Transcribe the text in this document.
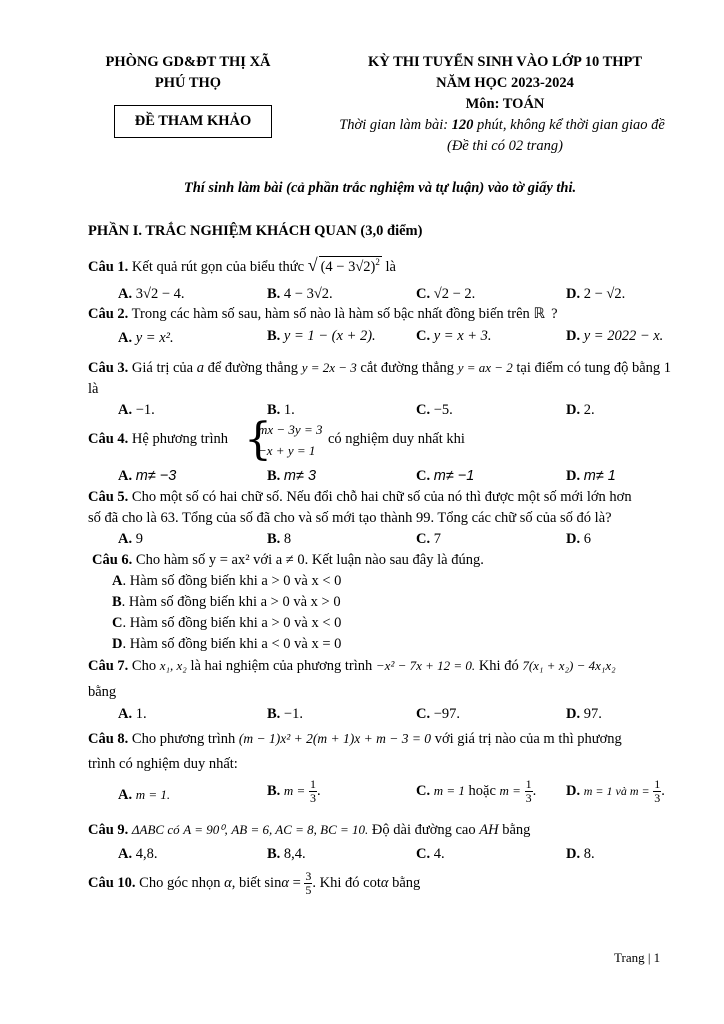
PHÒNG GD&ĐT THỊ XÃ
PHÚ THỌ
ĐỀ THAM KHẢO
KỲ THI TUYỂN SINH VÀO LỚP 10 THPT
NĂM HỌC 2023-2024
Môn: TOÁN
Thời gian làm bài: 120 phút, không kể thời gian giao đề
(Đề thi có 02 trang)
Thí sinh làm bài (cả phần trắc nghiệm và tự luận) vào tờ giấy thi.
PHẦN I. TRẮC NGHIỆM KHÁCH QUAN (3,0 điểm)
Câu 1. Kết quả rút gọn của biểu thức √ $(4 - 3√2)^2$ là
A. 3√2 − 4.	B. 4 − 3√2.	C. √2 − 2.	D. 2 − √2.
Câu 2. Trong các hàm số sau, hàm số nào là hàm số bậc nhất đồng biến trên ℝ ?
A. y = x².	B. y = 1 − (x + 2).	C. y = x + 3.	D. y = 2022 − x.
Câu 3. Giá trị của a để đường thẳng y = 2x − 3 cắt đường thẳng y = ax − 2 tại điểm có tung độ bằng 1 là
A. −1.	B. 1.	C. −5.	D. 2.
Câu 4. Hệ phương trình {
mx − 3y = 3
−x + y = 1
có nghiệm duy nhất khi
A. m≠ −3	B. m≠ 3	C. m≠ −1	D. m≠ 1
Câu 5. Cho một số có hai chữ số. Nếu đổi chỗ hai chữ số của nó thì được một số mới lớn hơn
số đã cho là 63. Tổng của số đã cho và số mới tạo thành 99. Tổng các chữ số của số đó là?
A. 9	B. 8	C. 7	D. 6
Câu 6. Cho hàm số y = ax² với a ≠ 0. Kết luận nào sau đây là đúng.
A. Hàm số đồng biến khi a > 0 và x < 0
B. Hàm số đồng biến khi a > 0 và x > 0
C. Hàm số đồng biến khi a > 0 và x < 0
D. Hàm số đồng biến khi a < 0 và x = 0
Câu 7. Cho x₁, x₂ là hai nghiệm của phương trình −x² − 7x + 12 = 0. Khi đó 7(x₁ + x₂) − 4x₁x₂
bằng
A. 1.	B. −1.	C. −97.	D. 97.
Câu 8. Cho phương trình (m − 1)x² + 2(m + 1)x + m − 3 = 0 với giá trị nào của m thì phương
trình có nghiệm duy nhất:
A. m = 1.	B. $m = \frac{1}{3}$ .	C. m = 1 hoặc $m = \frac{1}{3}$ . D. m = 1 và $m = \frac{1}{3}$ .
Câu 9. ΔABC có A = 90⁰, AB = 6, AC = 8, BC = 10. Độ dài đường cao AH bằng
A. 4,8.	B. 8,4.	C. 4.	D. 8.
Câu 10. Cho góc nhọn α, biết $\sin\alpha = \frac{3}{5}$ . Khi đó cotα bằng
Trang | 1
